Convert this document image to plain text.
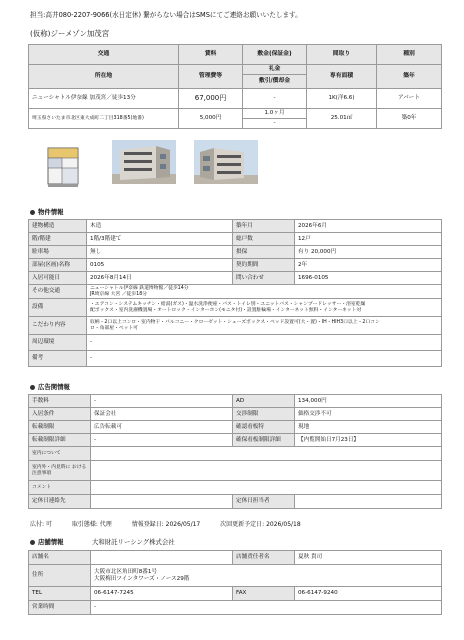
担当:高井080-2207-9066(水日定休) 繋がらない場合はSMSにてご連絡お願いいたします。
(仮称)ジーメゾン加茂宮
交通	賃料	敷金(保証金)	間取り	種別
所在地	管理費等	礼金	専有面積	築年
		敷引/償却金		
ニューシャトル伊奈線 加茂宮／徒歩13分	67,000円	-	1K(洋6.6)	アパート
埼玉県さいたま市北区東大成町二丁目318番5(地番)	5,000円	1.0ヶ月	25.01㎡	築0年
		-		
物件情報
建物構造	木造	築年月	2026年6月
階/階建	1階/3階建て	総戸数	12戸
駐車場	無し	損保	有り 20,000円
部屋(区画)名称	0105	契約期間	2年
入居可能日	2026年8月14日	問い合わせ	1696-0105
その他交通	ニューシャトル伊奈線 鉄道博物館／徒歩14分
JR埼京線 大宮 ／徒歩18分		

設備	・エアコン・システムキッチン・給湯(ガス)・温水洗浄便座・バス・トイレ別・ユニットバス・シャンプードレッサー・浴室乾燥
配ボックス・室内洗濯機置場・オートロック・インターホン(モニタ付)・設置駐輪場・インターネット無料・インターネット対		

こだわり内容	収納・2口以上コンロ・室内物干・バルコニー・クローゼット・シューズボックス・ベッド設置可(大・置)・IH・HIH3口以上・2口コン
ロ・角部屋・ペット可		

周辺環境	-		
備考	-		
広告関情報
手数料	-	AD	134,000円
入居条件	保証会社	交渉制限	価格交渉不可
転載制限	広告転載可	確認看板特	現地
転載制限詳細	-	確保看板制限詳細	【内覧開始日7月23日】
室内について			
室内外・内見時に おける注意事項			
コメント			
定休日連絡先		定休日担当者	
広付: 可	取引態様: 代理	情報登録日: 2026/05/17	次回更新予定日: 2026/05/18
店舗情報	大和財託リーシング株式会社
店舗名		店舗責任者名	夏秋 貴司
住所	大阪市北区角田町8番1号
大阪梅田ツインタワーズ・ノース29階		

TEL	06-6147-7245	FAX	06-6147-9240
営業時間	-		
